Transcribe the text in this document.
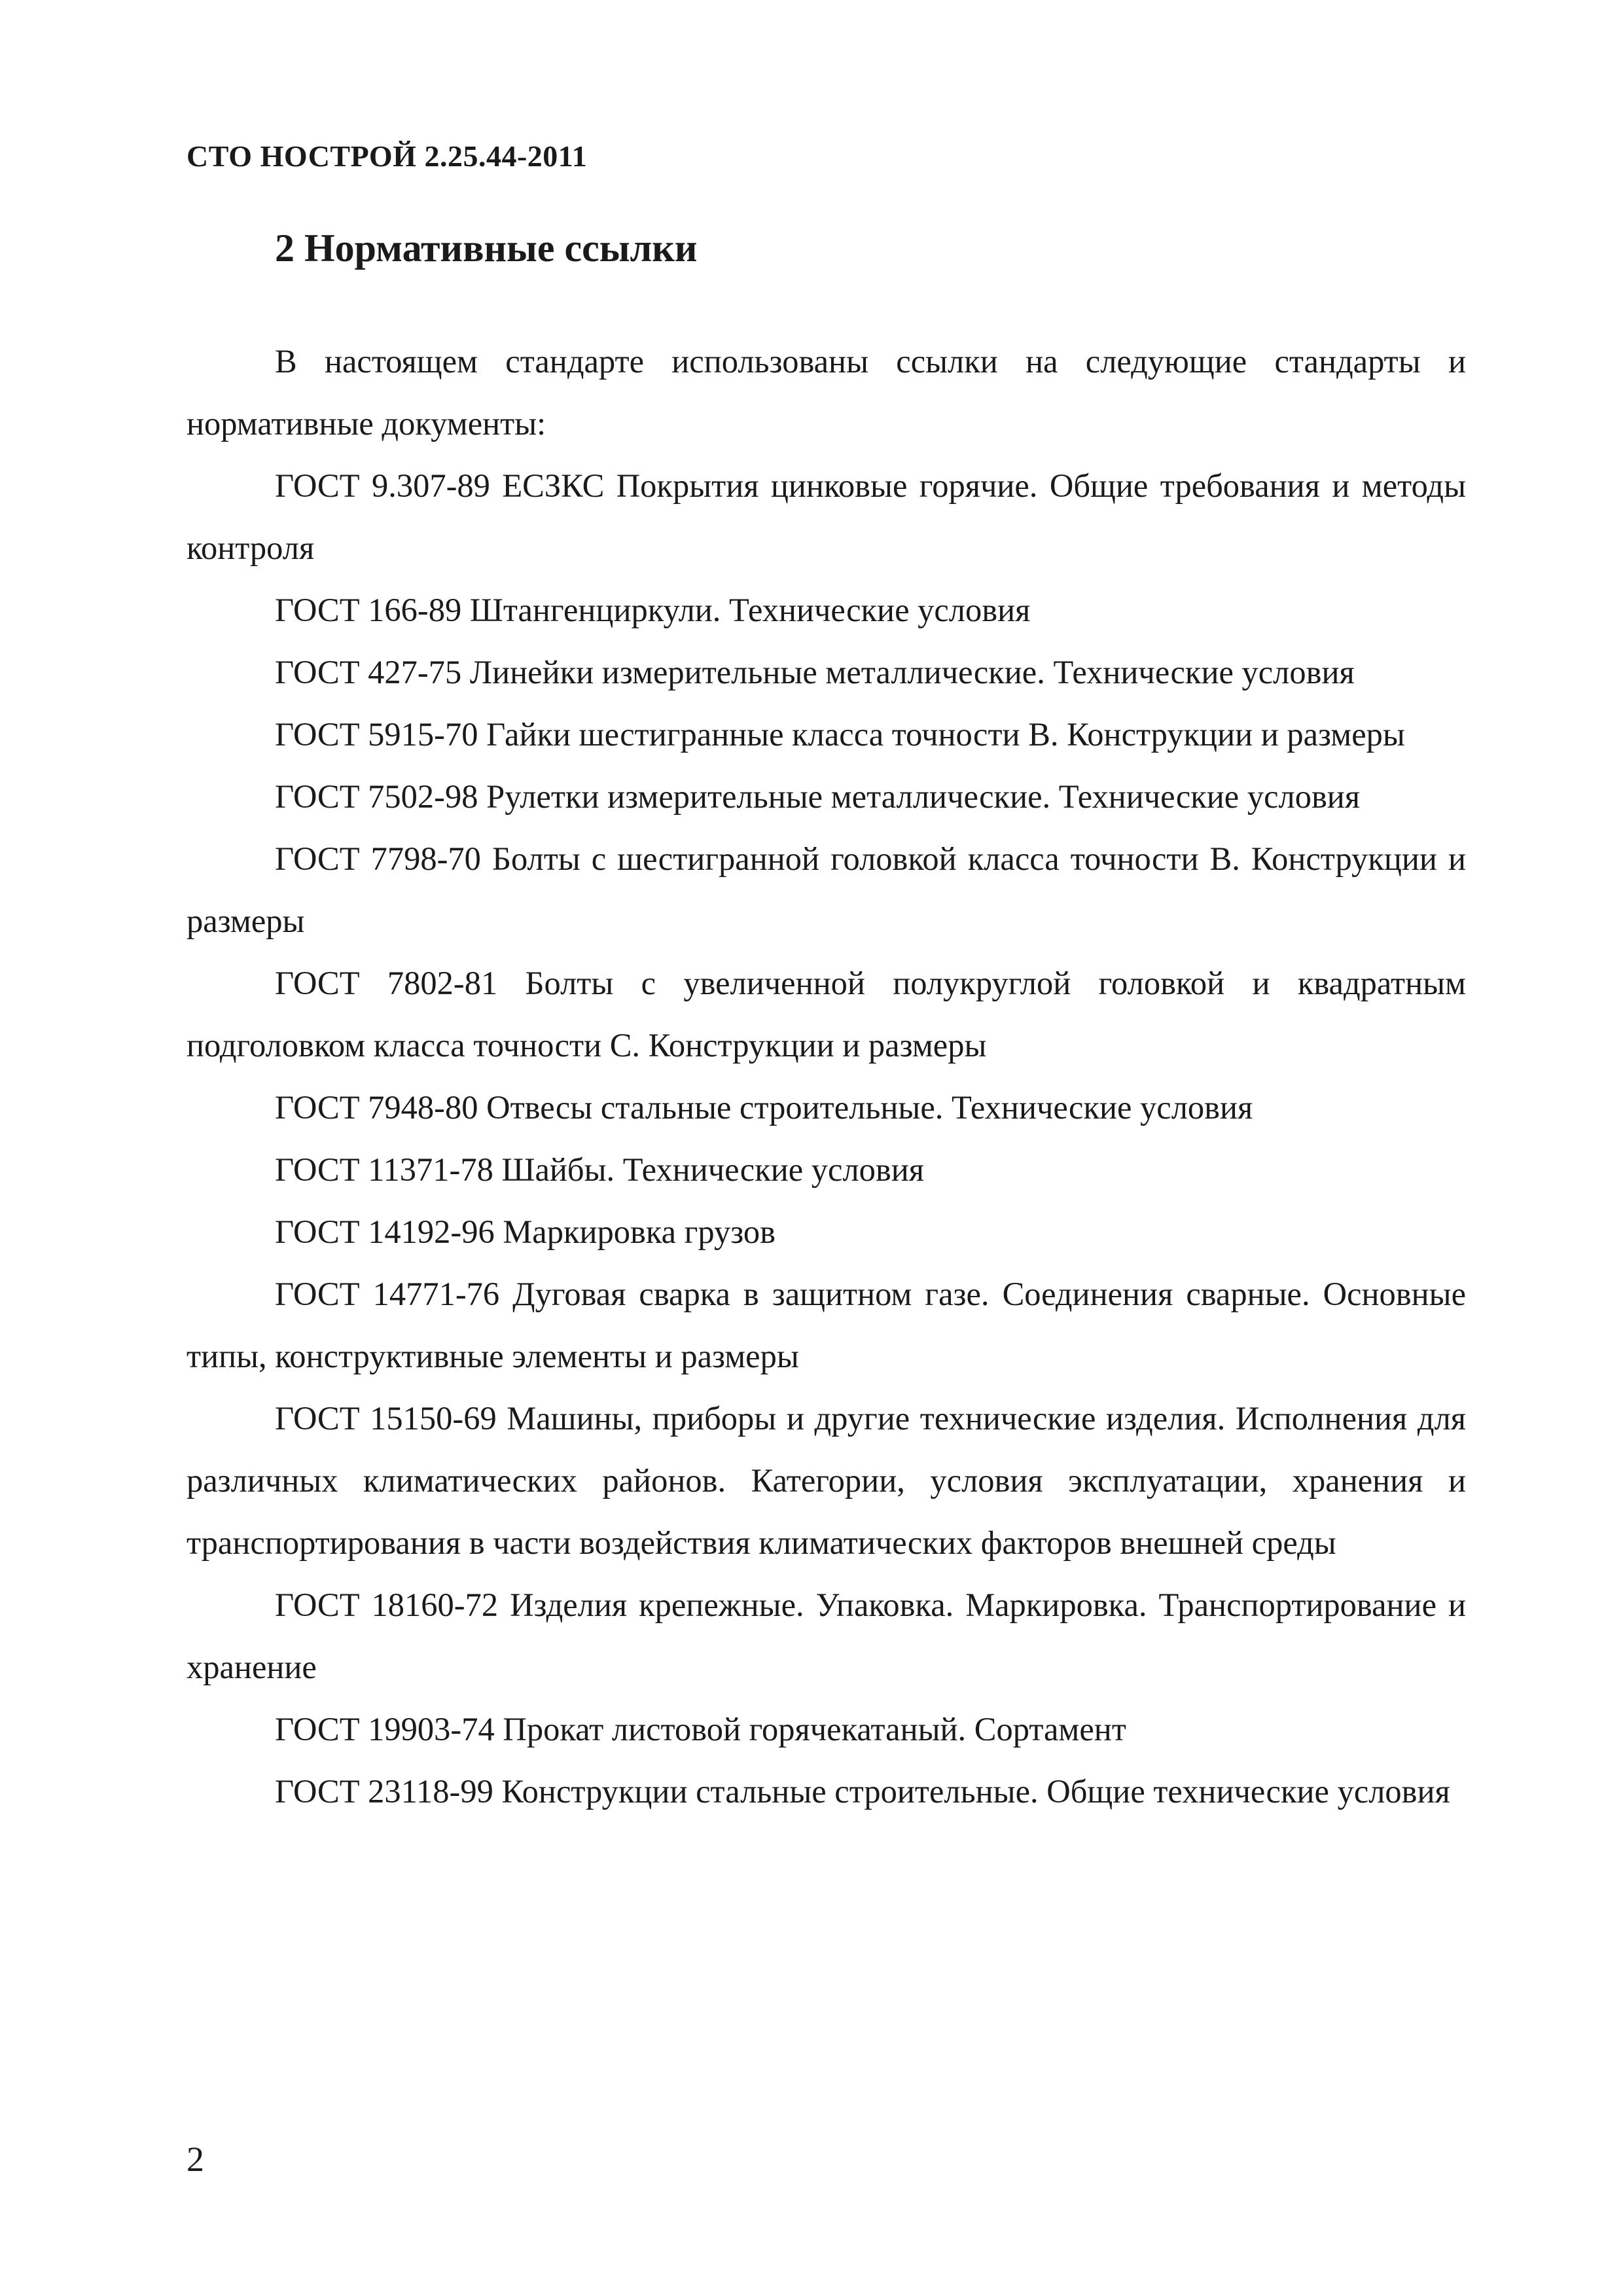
СТО НОСТРОЙ 2.25.44-2011
2 Нормативные ссылки

В настоящем стандарте использованы ссылки на следующие стандарты и нормативные документы:

ГОСТ 9.307-89 ЕСЗКС Покрытия цинковые горячие. Общие требования и методы контроля

ГОСТ 166-89 Штангенциркули. Технические условия

ГОСТ 427-75 Линейки измерительные металлические. Технические условия

ГОСТ 5915-70 Гайки шестигранные класса точности В. Конструкции и размеры

ГОСТ 7502-98 Рулетки измерительные металлические. Технические условия

ГОСТ 7798-70 Болты с шестигранной головкой класса точности В. Конструкции и размеры

ГОСТ 7802-81 Болты с увеличенной полукруглой головкой и квадратным подголовком класса точности С. Конструкции и размеры

ГОСТ 7948-80 Отвесы стальные строительные. Технические условия

ГОСТ 11371-78 Шайбы. Технические условия

ГОСТ 14192-96 Маркировка грузов

ГОСТ 14771-76 Дуговая сварка в защитном газе. Соединения сварные. Основные типы, конструктивные элементы и размеры

ГОСТ 15150-69 Машины, приборы и другие технические изделия. Исполнения для различных климатических районов. Категории, условия эксплуатации, хранения и транспортирования в части воздействия климатических факторов внешней среды

ГОСТ 18160-72 Изделия крепежные. Упаковка. Маркировка. Транспортирование и хранение

ГОСТ 19903-74 Прокат листовой горячекатаный. Сортамент

ГОСТ 23118-99 Конструкции стальные строительные. Общие технические условия

2
